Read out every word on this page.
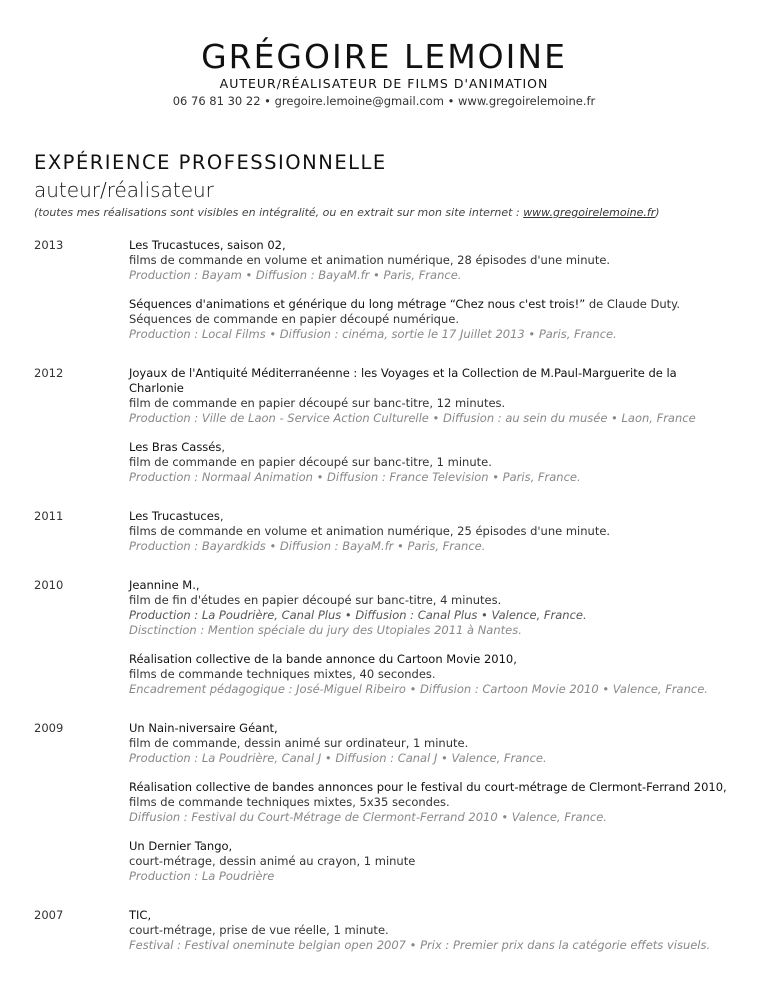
GRÉGOIRE LEMOINE
AUTEUR/RÉALISATEUR DE FILMS D'ANIMATION
06 76 81 30 22 • gregoire.lemoine@gmail.com • www.gregoirelemoine.fr
EXPÉRIENCE PROFESSIONNELLE
auteur/réalisateur
(toutes mes réalisations sont visibles en intégralité, ou en extrait sur mon site internet : www.gregoirelemoine.fr)
2013	Les Trucastuces, saison 02,
films de commande en volume et animation numérique, 28 épisodes d'une minute.
Production : Bayam • Diffusion : BayaM.fr • Paris, France.
Séquences d'animations et générique du long métrage “Chez nous c'est trois!” de Claude Duty.
Séquences de commande en papier découpé numérique.
Production : Local Films • Diffusion : cinéma, sortie le 17 Juillet 2013 • Paris, France.
2012	Joyaux de l'Antiquité Méditerranéenne : les Voyages et la Collection de M.Paul-Marguerite de la Charlonie
film de commande en papier découpé sur banc-titre, 12 minutes.
Production : Ville de Laon - Service Action Culturelle • Diffusion : au sein du musée • Laon, France
Les Bras Cassés,
film de commande en papier découpé sur banc-titre, 1 minute.
Production : Normaal Animation • Diffusion : France Television • Paris, France.
2011	Les Trucastuces,
films de commande en volume et animation numérique, 25 épisodes d'une minute.
Production : Bayardkids • Diffusion : BayaM.fr • Paris, France.
2010	Jeannine M.,
film de fin d'études en papier découpé sur banc-titre, 4 minutes.
Production : La Poudrière, Canal Plus • Diffusion : Canal Plus • Valence, France.
Disctinction : Mention spéciale du jury des Utopiales 2011 à Nantes.
Réalisation collective de la bande annonce du Cartoon Movie 2010,
films de commande techniques mixtes, 40 secondes.
Encadrement pédagogique : José-Miguel Ribeiro • Diffusion : Cartoon Movie 2010 • Valence, France.
2009	Un Nain-niversaire Géant,
film de commande, dessin animé sur ordinateur, 1 minute.
Production : La Poudrière, Canal J • Diffusion : Canal J • Valence, France.
Réalisation collective de bandes annonces pour le festival du court-métrage de Clermont-Ferrand 2010,
films de commande techniques mixtes, 5x35 secondes.
Diffusion : Festival du Court-Métrage de Clermont-Ferrand 2010 • Valence, France.
Un Dernier Tango,
court-métrage, dessin animé au crayon, 1 minute
Production : La Poudrière
2007	TIC,
court-métrage, prise de vue réelle, 1 minute.
Festival : Festival oneminute belgian open 2007 • Prix : Premier prix dans la catégorie effets visuels.
